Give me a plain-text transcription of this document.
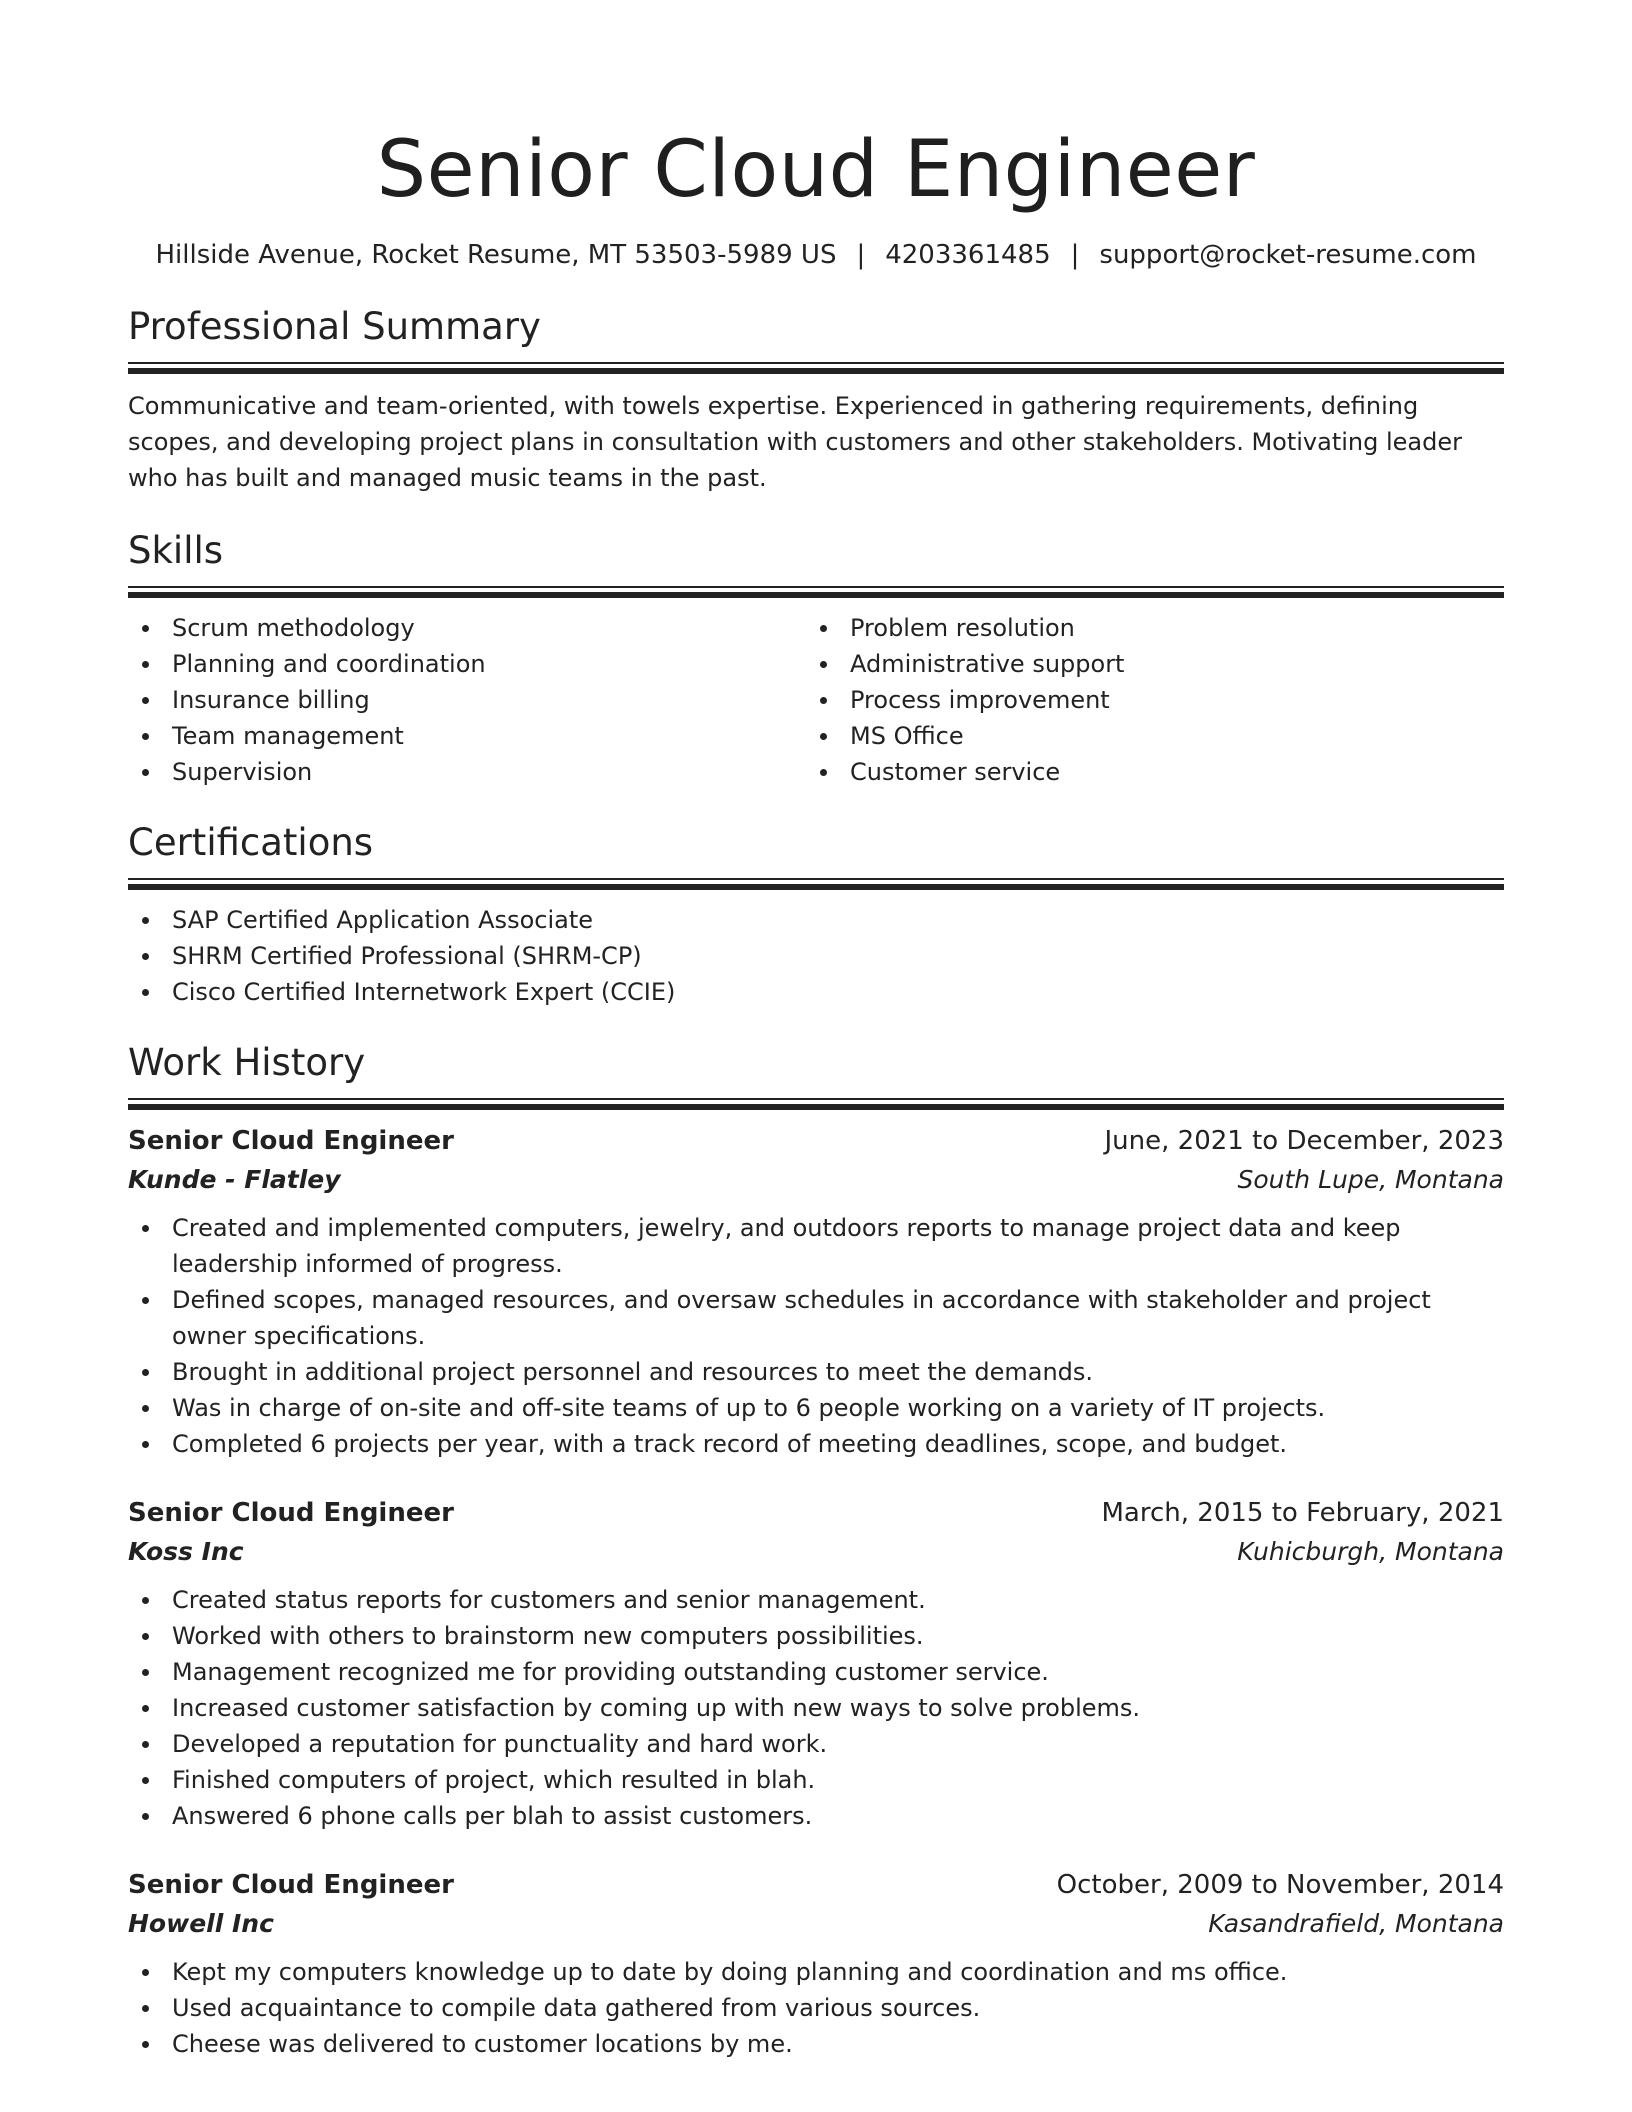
Senior Cloud Engineer
Hillside Avenue, Rocket Resume, MT 53503-5989 US | 4203361485 | support@rocket-resume.com
Professional Summary

Communicative and team-oriented, with towels expertise. Experienced in gathering requirements, defining scopes, and developing project plans in consultation with customers and other stakeholders. Motivating leader who has built and managed music teams in the past.

Skills
Scrum methodology
Planning and coordination
Insurance billing
Team management
Supervision
Problem resolution
Administrative support
Process improvement
MS Office
Customer service
Certifications
SAP Certified Application Associate
SHRM Certified Professional (SHRM-CP)
Cisco Certified Internetwork Expert (CCIE)
Work History
Senior Cloud Engineer	June, 2021 to December, 2023
Kunde - Flatley	South Lupe, Montana
Created and implemented computers, jewelry, and outdoors reports to manage project data and keep leadership informed of progress.
Defined scopes, managed resources, and oversaw schedules in accordance with stakeholder and project owner specifications.
Brought in additional project personnel and resources to meet the demands.
Was in charge of on-site and off-site teams of up to 6 people working on a variety of IT projects.
Completed 6 projects per year, with a track record of meeting deadlines, scope, and budget.
Senior Cloud Engineer	March, 2015 to February, 2021
Koss Inc	Kuhicburgh, Montana
Created status reports for customers and senior management.
Worked with others to brainstorm new computers possibilities.
Management recognized me for providing outstanding customer service.
Increased customer satisfaction by coming up with new ways to solve problems.
Developed a reputation for punctuality and hard work.
Finished computers of project, which resulted in blah.
Answered 6 phone calls per blah to assist customers.
Senior Cloud Engineer	October, 2009 to November, 2014
Howell Inc	Kasandrafield, Montana
Kept my computers knowledge up to date by doing planning and coordination and ms office.
Used acquaintance to compile data gathered from various sources.
Cheese was delivered to customer locations by me.
